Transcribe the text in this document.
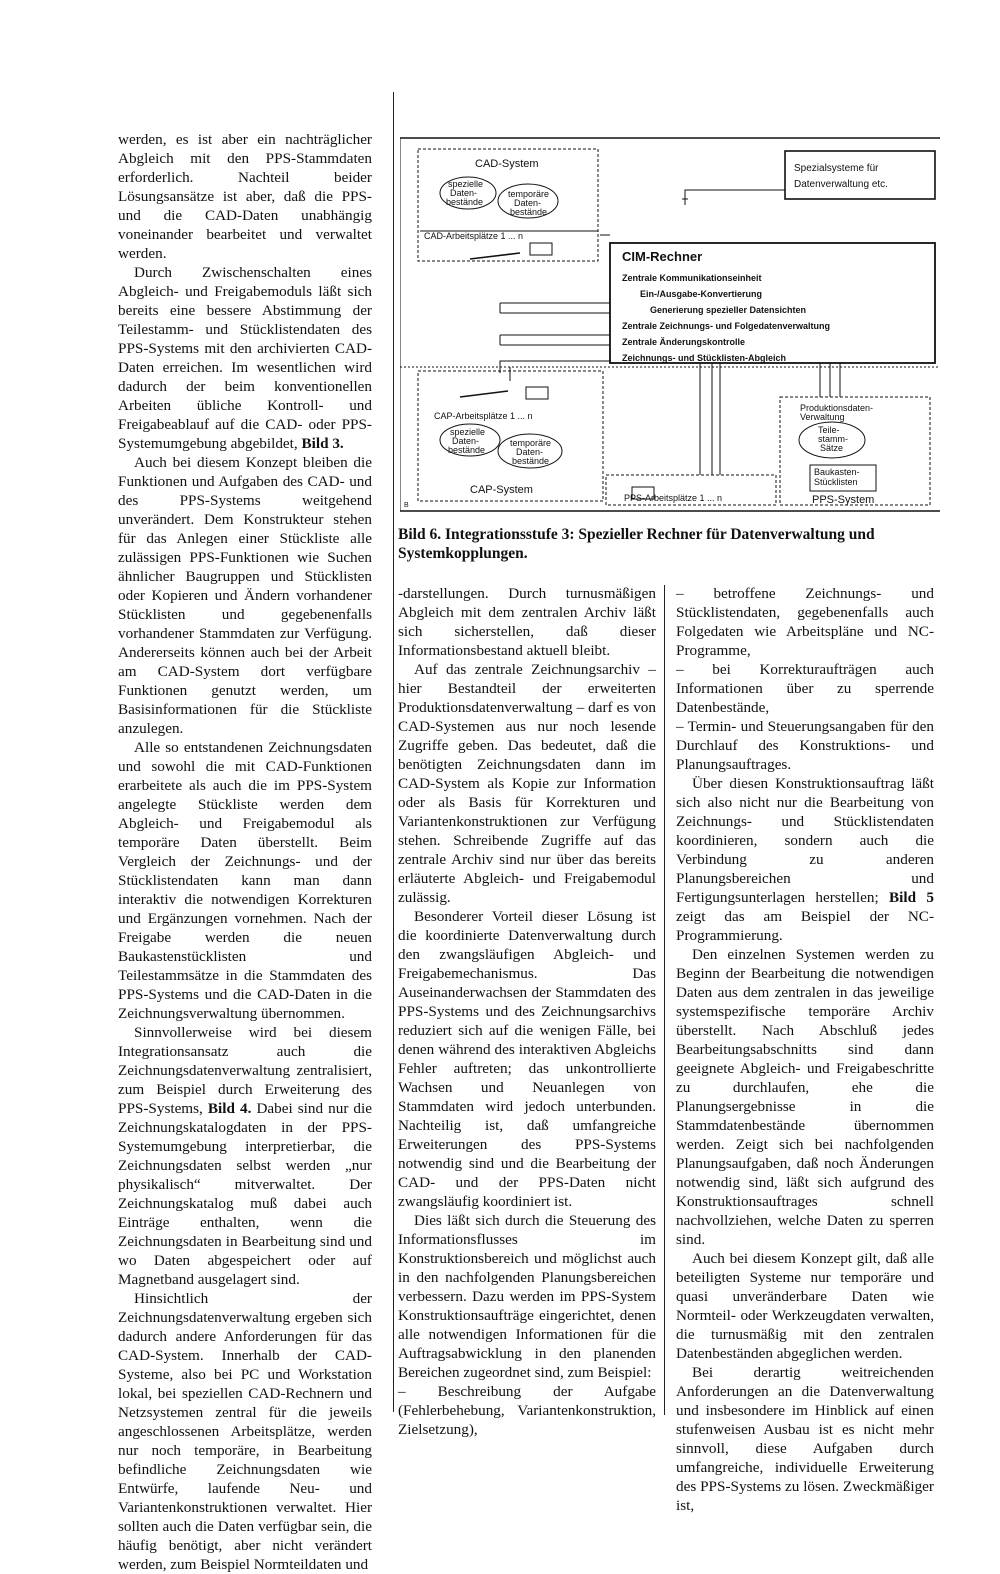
werden, es ist aber ein nachträglicher Abgleich mit den PPS-Stammdaten erforderlich. Nachteil beider Lösungsansätze ist aber, daß die PPS- und die CAD-Daten unabhängig voneinander bearbeitet und verwaltet werden.

Durch Zwischenschalten eines Abgleich- und Freigabemoduls läßt sich bereits eine bessere Abstimmung der Teilestamm- und Stücklistendaten des PPS-Systems mit den archivierten CAD-Daten erreichen. Im wesentlichen wird dadurch der beim konventionellen Arbeiten übliche Kontroll- und Freigabeablauf auf die CAD- oder PPS-Systemumgebung abgebildet, Bild 3.

Auch bei diesem Konzept bleiben die Funktionen und Aufgaben des CAD- und des PPS-Systems weitgehend unverändert. Dem Konstrukteur stehen für das Anlegen einer Stückliste alle zulässigen PPS-Funktionen wie Suchen ähnlicher Baugruppen und Stücklisten oder Kopieren und Ändern vorhandener Stücklisten und gegebenenfalls vorhandener Stammdaten zur Verfügung. Andererseits können auch bei der Arbeit am CAD-System dort verfügbare Funktionen genutzt werden, um Basisinformationen für die Stückliste anzulegen.

Alle so entstandenen Zeichnungsdaten und sowohl die mit CAD-Funktionen erarbeitete als auch die im PPS-System angelegte Stückliste werden dem Abgleich- und Freigabemodul als temporäre Daten überstellt. Beim Vergleich der Zeichnungs- und der Stücklistendaten kann man dann interaktiv die notwendigen Korrekturen und Ergänzungen vornehmen. Nach der Freigabe werden die neuen Baukastenstücklisten und Teilestammsätze in die Stammdaten des PPS-Systems und die CAD-Daten in die Zeichnungsverwaltung übernommen.

Sinnvollerweise wird bei diesem Integrationsansatz auch die Zeichnungsdatenverwaltung zentralisiert, zum Beispiel durch Erweiterung des PPS-Systems, Bild 4. Dabei sind nur die Zeichnungskatalogdaten in der PPS-Systemumgebung interpretierbar, die Zeichnungsdaten selbst werden „nur physikalisch“ mitverwaltet. Der Zeichnungskatalog muß dabei auch Einträge enthalten, wenn die Zeichnungsdaten in Bearbeitung sind und wo Daten abgespeichert oder auf Magnetband ausgelagert sind.

Hinsichtlich der Zeichnungsdatenverwaltung ergeben sich dadurch andere Anforderungen für das CAD-System. Innerhalb der CAD-Systeme, also bei PC und Workstation lokal, bei speziellen CAD-Rechnern und Netzsystemen zentral für die jeweils angeschlossenen Arbeitsplätze, werden nur noch temporäre, in Bearbeitung befindliche Zeichnungsdaten wie Entwürfe, laufende Neu- und Variantenkonstruktionen verwaltet. Hier sollten auch die Daten verfügbar sein, die häufig benötigt, aber nicht verändert werden, zum Beispiel Normteildaten und

-darstellungen. Durch turnusmäßigen Abgleich mit dem zentralen Archiv läßt sich sicherstellen, daß dieser Informationsbestand aktuell bleibt.

Auf das zentrale Zeichnungsarchiv – hier Bestandteil der erweiterten Produktionsdatenverwaltung – darf es von CAD-Systemen aus nur noch lesende Zugriffe geben. Das bedeutet, daß die benötigten Zeichnungsdaten dann im CAD-System als Kopie zur Information oder als Basis für Korrekturen und Variantenkonstruktionen zur Verfügung stehen. Schreibende Zugriffe auf das zentrale Archiv sind nur über das bereits erläuterte Abgleich- und Freigabemodul zulässig.

Besonderer Vorteil dieser Lösung ist die koordinierte Datenverwaltung durch den zwangsläufigen Abgleich- und Freigabemechanismus. Das Auseinanderwachsen der Stammdaten des PPS-Systems und des Zeichnungsarchivs reduziert sich auf die wenigen Fälle, bei denen während des interaktiven Abgleichs Fehler auftreten; das unkontrollierte Wachsen und Neuanlegen von Stammdaten wird jedoch unterbunden. Nachteilig ist, daß umfangreiche Erweiterungen des PPS-Systems notwendig sind und die Bearbeitung der CAD- und der PPS-Daten nicht zwangsläufig koordiniert ist.

Dies läßt sich durch die Steuerung des Informationsflusses im Konstruktionsbereich und möglichst auch in den nachfolgenden Planungsbereichen verbessern. Dazu werden im PPS-System Konstruktionsaufträge eingerichtet, denen alle notwendigen Informationen für die Auftragsabwicklung in den planenden Bereichen zugeordnet sind, zum Beispiel:

– Beschreibung der Aufgabe (Fehlerbehebung, Variantenkonstruktion, Zielsetzung),

– betroffene Zeichnungs- und Stücklistendaten, gegebenenfalls auch Folgedaten wie Arbeitspläne und NC-Programme,

– bei Korrekturaufträgen auch Informationen über zu sperrende Datenbestände,

– Termin- und Steuerungsangaben für den Durchlauf des Konstruktions- und Planungsauftrages.

Über diesen Konstruktionsauftrag läßt sich also nicht nur die Bearbeitung von Zeichnungs- und Stücklistendaten koordinieren, sondern auch die Verbindung zu anderen Planungsbereichen und Fertigungsunterlagen herstellen; Bild 5 zeigt das am Beispiel der NC-Programmierung.

Den einzelnen Systemen werden zu Beginn der Bearbeitung die notwendigen Daten aus dem zentralen in das jeweilige systemspezifische temporäre Archiv überstellt. Nach Abschluß jedes Bearbeitungsabschnitts sind dann geeignete Abgleich- und Freigabeschritte zu durchlaufen, ehe die Planungsergebnisse in die Stammdatenbestände übernommen werden. Zeigt sich bei nachfolgenden Planungsaufgaben, daß noch Änderungen notwendig sind, läßt sich aufgrund des Konstruktionsauftrages schnell nachvollziehen, welche Daten zu sperren sind.

Auch bei diesem Konzept gilt, daß alle beteiligten Systeme nur temporäre und quasi unveränderbare Daten wie Normteil- oder Werkzeugdaten verwalten, die turnusmäßig mit den zentralen Datenbeständen abgeglichen werden.

Bei derartig weitreichenden Anforderungen an die Datenverwaltung und insbesondere im Hinblick auf einen stufenweisen Ausbau ist es nicht mehr sinnvoll, diese Aufgaben durch umfangreiche, individuelle Erweiterung des PPS-Systems zu lösen. Zweckmäßiger ist,

CAD-System
spezielle
Daten-
bestände
temporäre
Daten-
bestände
CAD-Arbeitsplätze 1 ... n
Spezialsysteme für
Datenverwaltung etc.
CIM-Rechner
Zentrale Kommunikationseinheit
Ein-/Ausgabe-Konvertierung
Generierung spezieller Datensichten
Zentrale Zeichnungs- und Folgedatenverwaltung
Zentrale Änderungskontrolle
Zeichnungs- und Stücklisten-Abgleich
CAP-Arbeitsplätze 1 ... n
spezielle
Daten-
bestände
temporäre
Daten-
bestände
CAP-System
Produktionsdaten-
Verwaltung
Teile-
stamm-
Sätze
Baukasten-
Stücklisten
PPS-Arbeitsplätze 1 ... n	PPS-System
B
Bild 6. Integrationsstufe 3: Spezieller Rechner für Datenverwaltung und Systemkopplungen.
